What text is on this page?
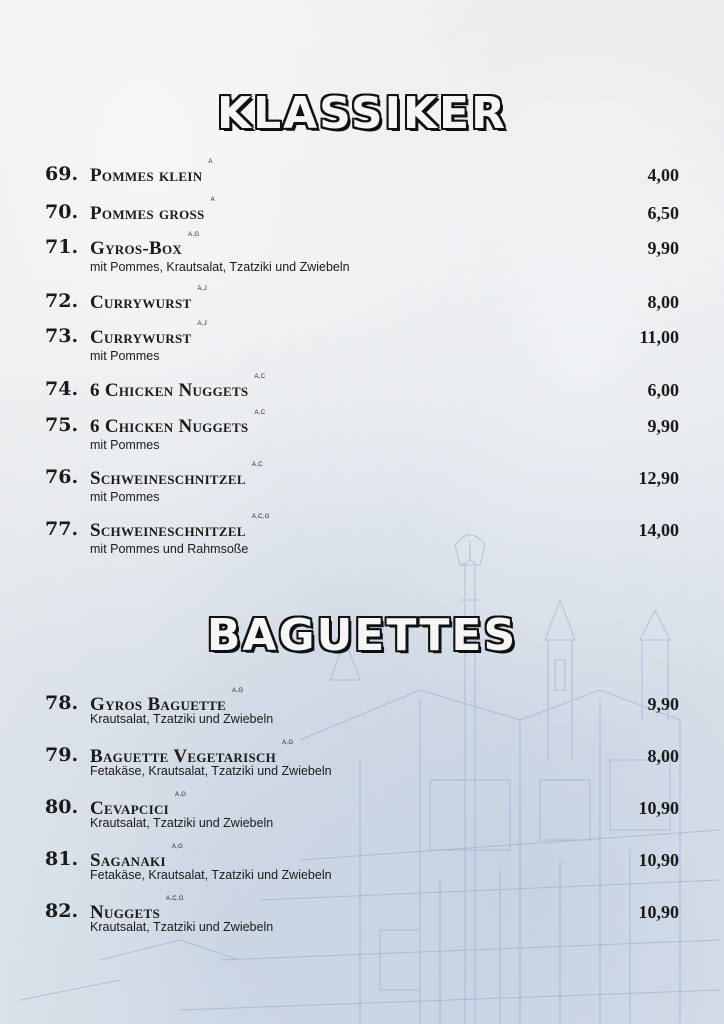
KLASSIKER
69. Pommes klein$^A$
4,00
70. Pommes gross$^A$
6,50
71. Gyros-Box$^{A,G}$
mit Pommes, Krautsalat, Tzatziki und Zwiebeln
9,90
72. Currywurst$^{A,J}$
8,00
73. Currywurst$^{A,J}$
mit Pommes
11,00
74. 6 Chicken Nuggets$^{A,C}$
6,00
75. 6 Chicken Nuggets$^{A,C}$
mit Pommes
9,90
76. Schweineschnitzel$^{A,C}$
mit Pommes
12,90
77. Schweineschnitzel$^{A,C,G}$
mit Pommes und Rahmsoße
14,00
BAGUETTES
78. Gyros Baguette$^{A,G}$
Krautsalat, Tzatziki und Zwiebeln
9,90
79. Baguette Vegetarisch$^{A,G}$
Fetakäse, Krautsalat, Tzatziki und Zwiebeln
8,00
80. Cevapcici$^{A,G}$
Krautsalat, Tzatziki und Zwiebeln
10,90
81. Saganaki$^{A,G}$
Fetakäse, Krautsalat, Tzatziki und Zwiebeln
10,90
82. Nuggets$^{A,C,G}$
Krautsalat, Tzatziki und Zwiebeln
10,90
